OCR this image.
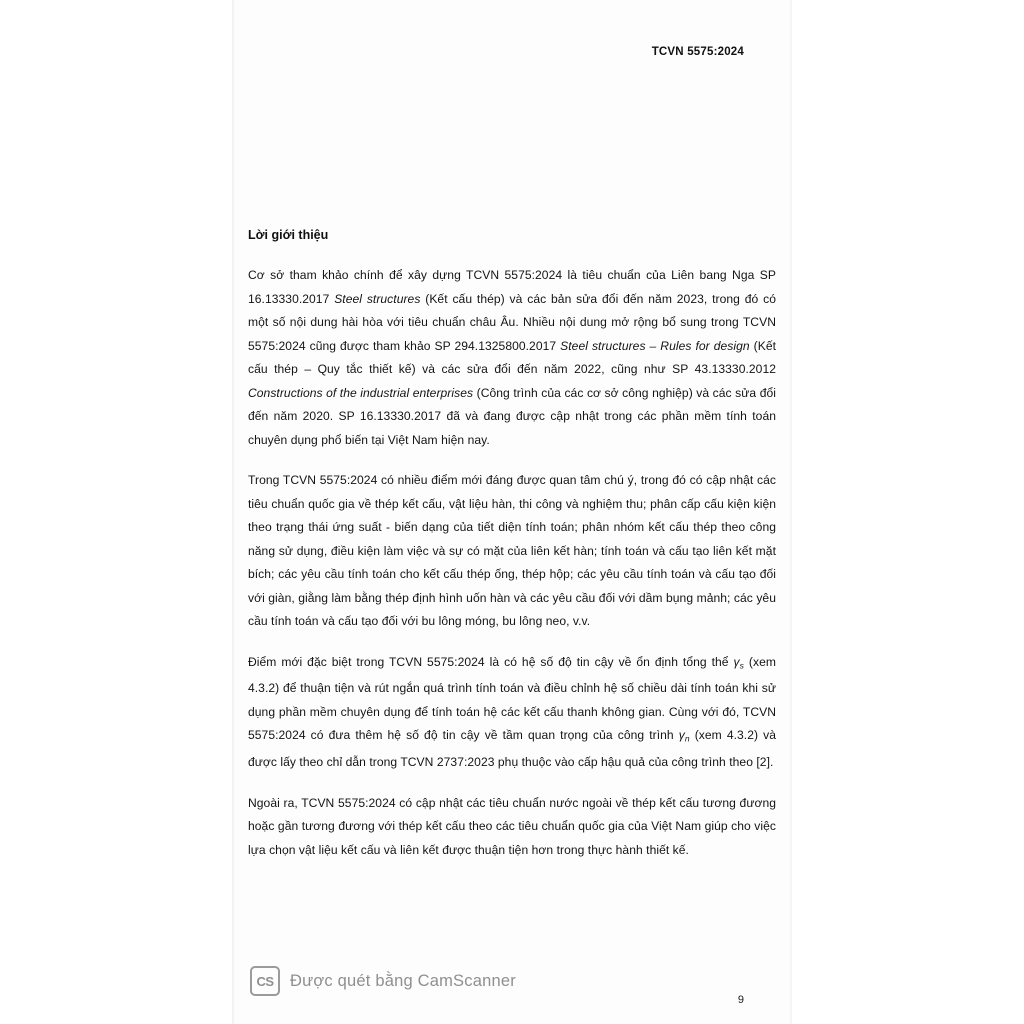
TCVN 5575:2024
Lời giới thiệu

Cơ sở tham khảo chính để xây dựng TCVN 5575:2024 là tiêu chuẩn của Liên bang Nga SP 16.13330.2017 Steel structures (Kết cấu thép) và các bản sửa đổi đến năm 2023, trong đó có một số nội dung hài hòa với tiêu chuẩn châu Âu. Nhiều nội dung mở rộng bổ sung trong TCVN 5575:2024 cũng được tham khảo SP 294.1325800.2017 Steel structures – Rules for design (Kết cấu thép – Quy tắc thiết kế) và các sửa đổi đến năm 2022, cũng như SP 43.13330.2012 Constructions of the industrial enterprises (Công trình của các cơ sở công nghiệp) và các sửa đổi đến năm 2020. SP 16.13330.2017 đã và đang được cập nhật trong các phần mềm tính toán chuyên dụng phổ biến tại Việt Nam hiện nay.

Trong TCVN 5575:2024 có nhiều điểm mới đáng được quan tâm chú ý, trong đó có cập nhật các tiêu chuẩn quốc gia về thép kết cấu, vật liệu hàn, thi công và nghiệm thu; phân cấp cấu kiện kiện theo trạng thái ứng suất - biến dạng của tiết diện tính toán; phân nhóm kết cấu thép theo công năng sử dụng, điều kiện làm việc và sự có mặt của liên kết hàn; tính toán và cấu tạo liên kết mặt bích; các yêu cầu tính toán cho kết cấu thép ống, thép hộp; các yêu cầu tính toán và cấu tạo đối với giàn, giằng làm bằng thép định hình uốn hàn và các yêu cầu đối với dầm bụng mảnh; các yêu cầu tính toán và cấu tạo đối với bu lông móng, bu lông neo, v.v.

Điểm mới đặc biệt trong TCVN 5575:2024 là có hệ số độ tin cậy về ổn định tổng thể $\gamma_s$ (xem 4.3.2) để thuận tiện và rút ngắn quá trình tính toán và điều chỉnh hệ số chiều dài tính toán khi sử dụng phần mềm chuyên dụng để tính toán hệ các kết cấu thanh không gian. Cùng với đó, TCVN 5575:2024 có đưa thêm hệ số độ tin cậy về tầm quan trọng của công trình $\gamma_n$ (xem 4.3.2) và được lấy theo chỉ dẫn trong TCVN 2737:2023 phụ thuộc vào cấp hậu quả của công trình theo [2].

Ngoài ra, TCVN 5575:2024 có cập nhật các tiêu chuẩn nước ngoài về thép kết cấu tương đương hoặc gần tương đương với thép kết cấu theo các tiêu chuẩn quốc gia của Việt Nam giúp cho việc lựa chọn vật liệu kết cấu và liên kết được thuận tiện hơn trong thực hành thiết kế.

9
CS Được quét bằng CamScanner
